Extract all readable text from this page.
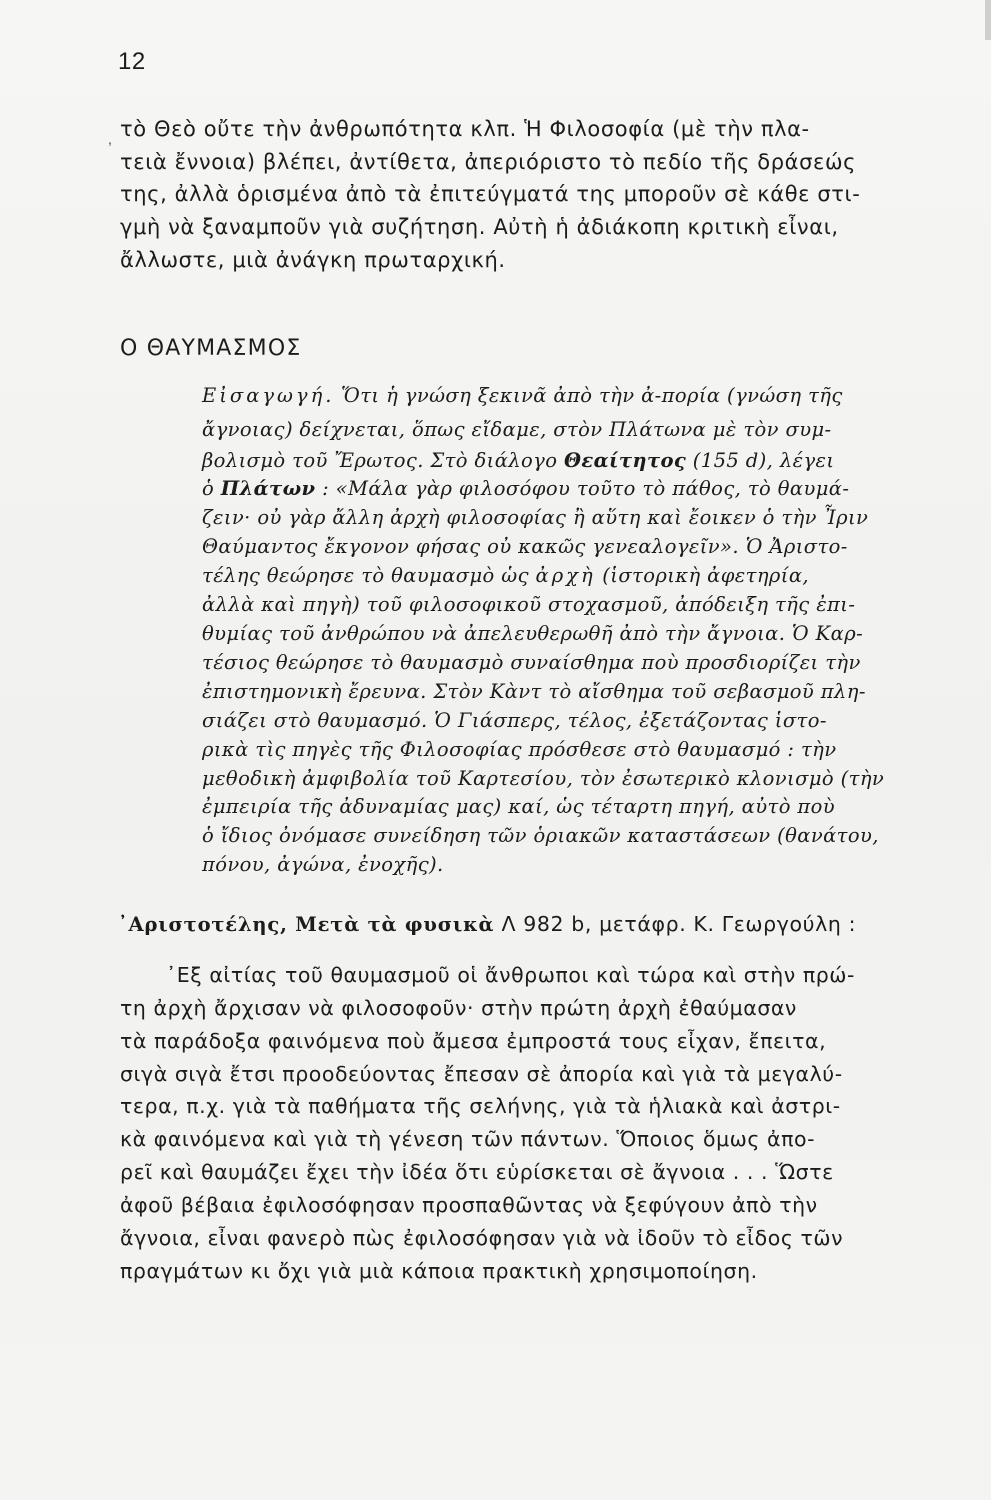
12
, τὸ Θεὸ οὔτε τὴν ἀνθρωπότητα κλπ. Ἡ Φιλοσοφία (μὲ τὴν πλα-
τειὰ ἔννοια) βλέπει, ἀντίθετα, ἀπεριόριστο τὸ πεδίο τῆς δράσεώς
της, ἀλλὰ ὁρισμένα ἀπὸ τὰ ἐπιτεύγματά της μποροῦν σὲ κάθε στι-
γμὴ νὰ ξαναμποῦν γιὰ συζήτηση. Αὐτὴ ἡ ἀδιάκοπη κριτικὴ εἶναι,
ἄλλωστε, μιὰ ἀνάγκη πρωταρχική.
Ο ΘΑΥΜΑΣΜΟΣ
Εἰσαγωγή. Ὅτι ἡ γνώση ξεκινᾶ ἀπὸ τὴν ἀ-πορία (γνώση τῆς
ἄγνοιας) δείχνεται, ὅπως εἴδαμε, στὸν Πλάτωνα μὲ τὸν συμ-
βολισμὸ τοῦ Ἔρωτος. Στὸ διάλογο Θεαίτητος (155 d), λέγει
ὁ Πλάτων : «Μάλα γὰρ φιλοσόφου τοῦτο τὸ πάθος, τὸ θαυμά-
ζειν· οὐ γὰρ ἄλλη ἀρχὴ φιλοσοφίας ἢ αὕτη καὶ ἔοικεν ὁ τὴν Ἶριν
Θαύμαντος ἔκγονον φήσας οὐ κακῶς γενεαλογεῖν». Ὁ Ἀριστο-
τέλης θεώρησε τὸ θαυμασμὸ ὡς ἀρχὴ (ἱστορικὴ ἀφετηρία,
ἀλλὰ καὶ πηγὴ) τοῦ φιλοσοφικοῦ στοχασμοῦ, ἀπόδειξη τῆς ἐπι-
θυμίας τοῦ ἀνθρώπου νὰ ἀπελευθερωθῆ ἀπὸ τὴν ἄγνοια. Ὁ Καρ-
τέσιος θεώρησε τὸ θαυμασμὸ συναίσθημα ποὺ προσδιορίζει τὴν
ἐπιστημονικὴ ἔρευνα. Στὸν Κὰντ τὸ αἴσθημα τοῦ σεβασμοῦ πλη-
σιάζει στὸ θαυμασμό. Ὁ Γιάσπερς, τέλος, ἐξετάζοντας ἱστο-
ρικὰ τὶς πηγὲς τῆς Φιλοσοφίας πρόσθεσε στὸ θαυμασμό : τὴν
μεθοδικὴ ἀμφιβολία τοῦ Καρτεσίου, τὸν ἐσωτερικὸ κλονισμὸ (τὴν
ἐμπειρία τῆς ἀδυναμίας μας) καί, ὡς τέταρτη πηγή, αὐτὸ ποὺ
ὁ ἴδιος ὀνόμασε συνείδηση τῶν ὁριακῶν καταστάσεων (θανάτου,
πόνου, ἀγώνα, ἐνοχῆς).
᾿Αριστοτέλης, Μετὰ τὰ φυσικὰ Λ 982 b, μετάφρ. Κ. Γεωργούλη :
᾿Εξ αἰτίας τοῦ θαυμασμοῦ οἱ ἄνθρωποι καὶ τώρα καὶ στὴν πρώ-
τη ἀρχὴ ἄρχισαν νὰ φιλοσοφοῦν· στὴν πρώτη ἀρχὴ ἐθαύμασαν
τὰ παράδοξα φαινόμενα ποὺ ἄμεσα ἐμπροστά τους εἶχαν, ἔπειτα,
σιγὰ σιγὰ ἔτσι προοδεύοντας ἔπεσαν σὲ ἀπορία καὶ γιὰ τὰ μεγαλύ-
τερα, π.χ. γιὰ τὰ παθήματα τῆς σελήνης, γιὰ τὰ ἡλιακὰ καὶ ἀστρι-
κὰ φαινόμενα καὶ γιὰ τὴ γένεση τῶν πάντων. Ὅποιος ὅμως ἀπο-
ρεῖ καὶ θαυμάζει ἔχει τὴν ἰδέα ὅτι εὑρίσκεται σὲ ἄγνοια . . . Ὥστε
ἀφοῦ βέβαια ἐφιλοσόφησαν προσπαθῶντας νὰ ξεφύγουν ἀπὸ τὴν
ἄγνοια, εἶναι φανερὸ πὼς ἐφιλοσόφησαν γιὰ νὰ ἰδοῦν τὸ εἶδος τῶν
πραγμάτων κι ὄχι γιὰ μιὰ κάποια πρακτικὴ χρησιμοποίηση.
